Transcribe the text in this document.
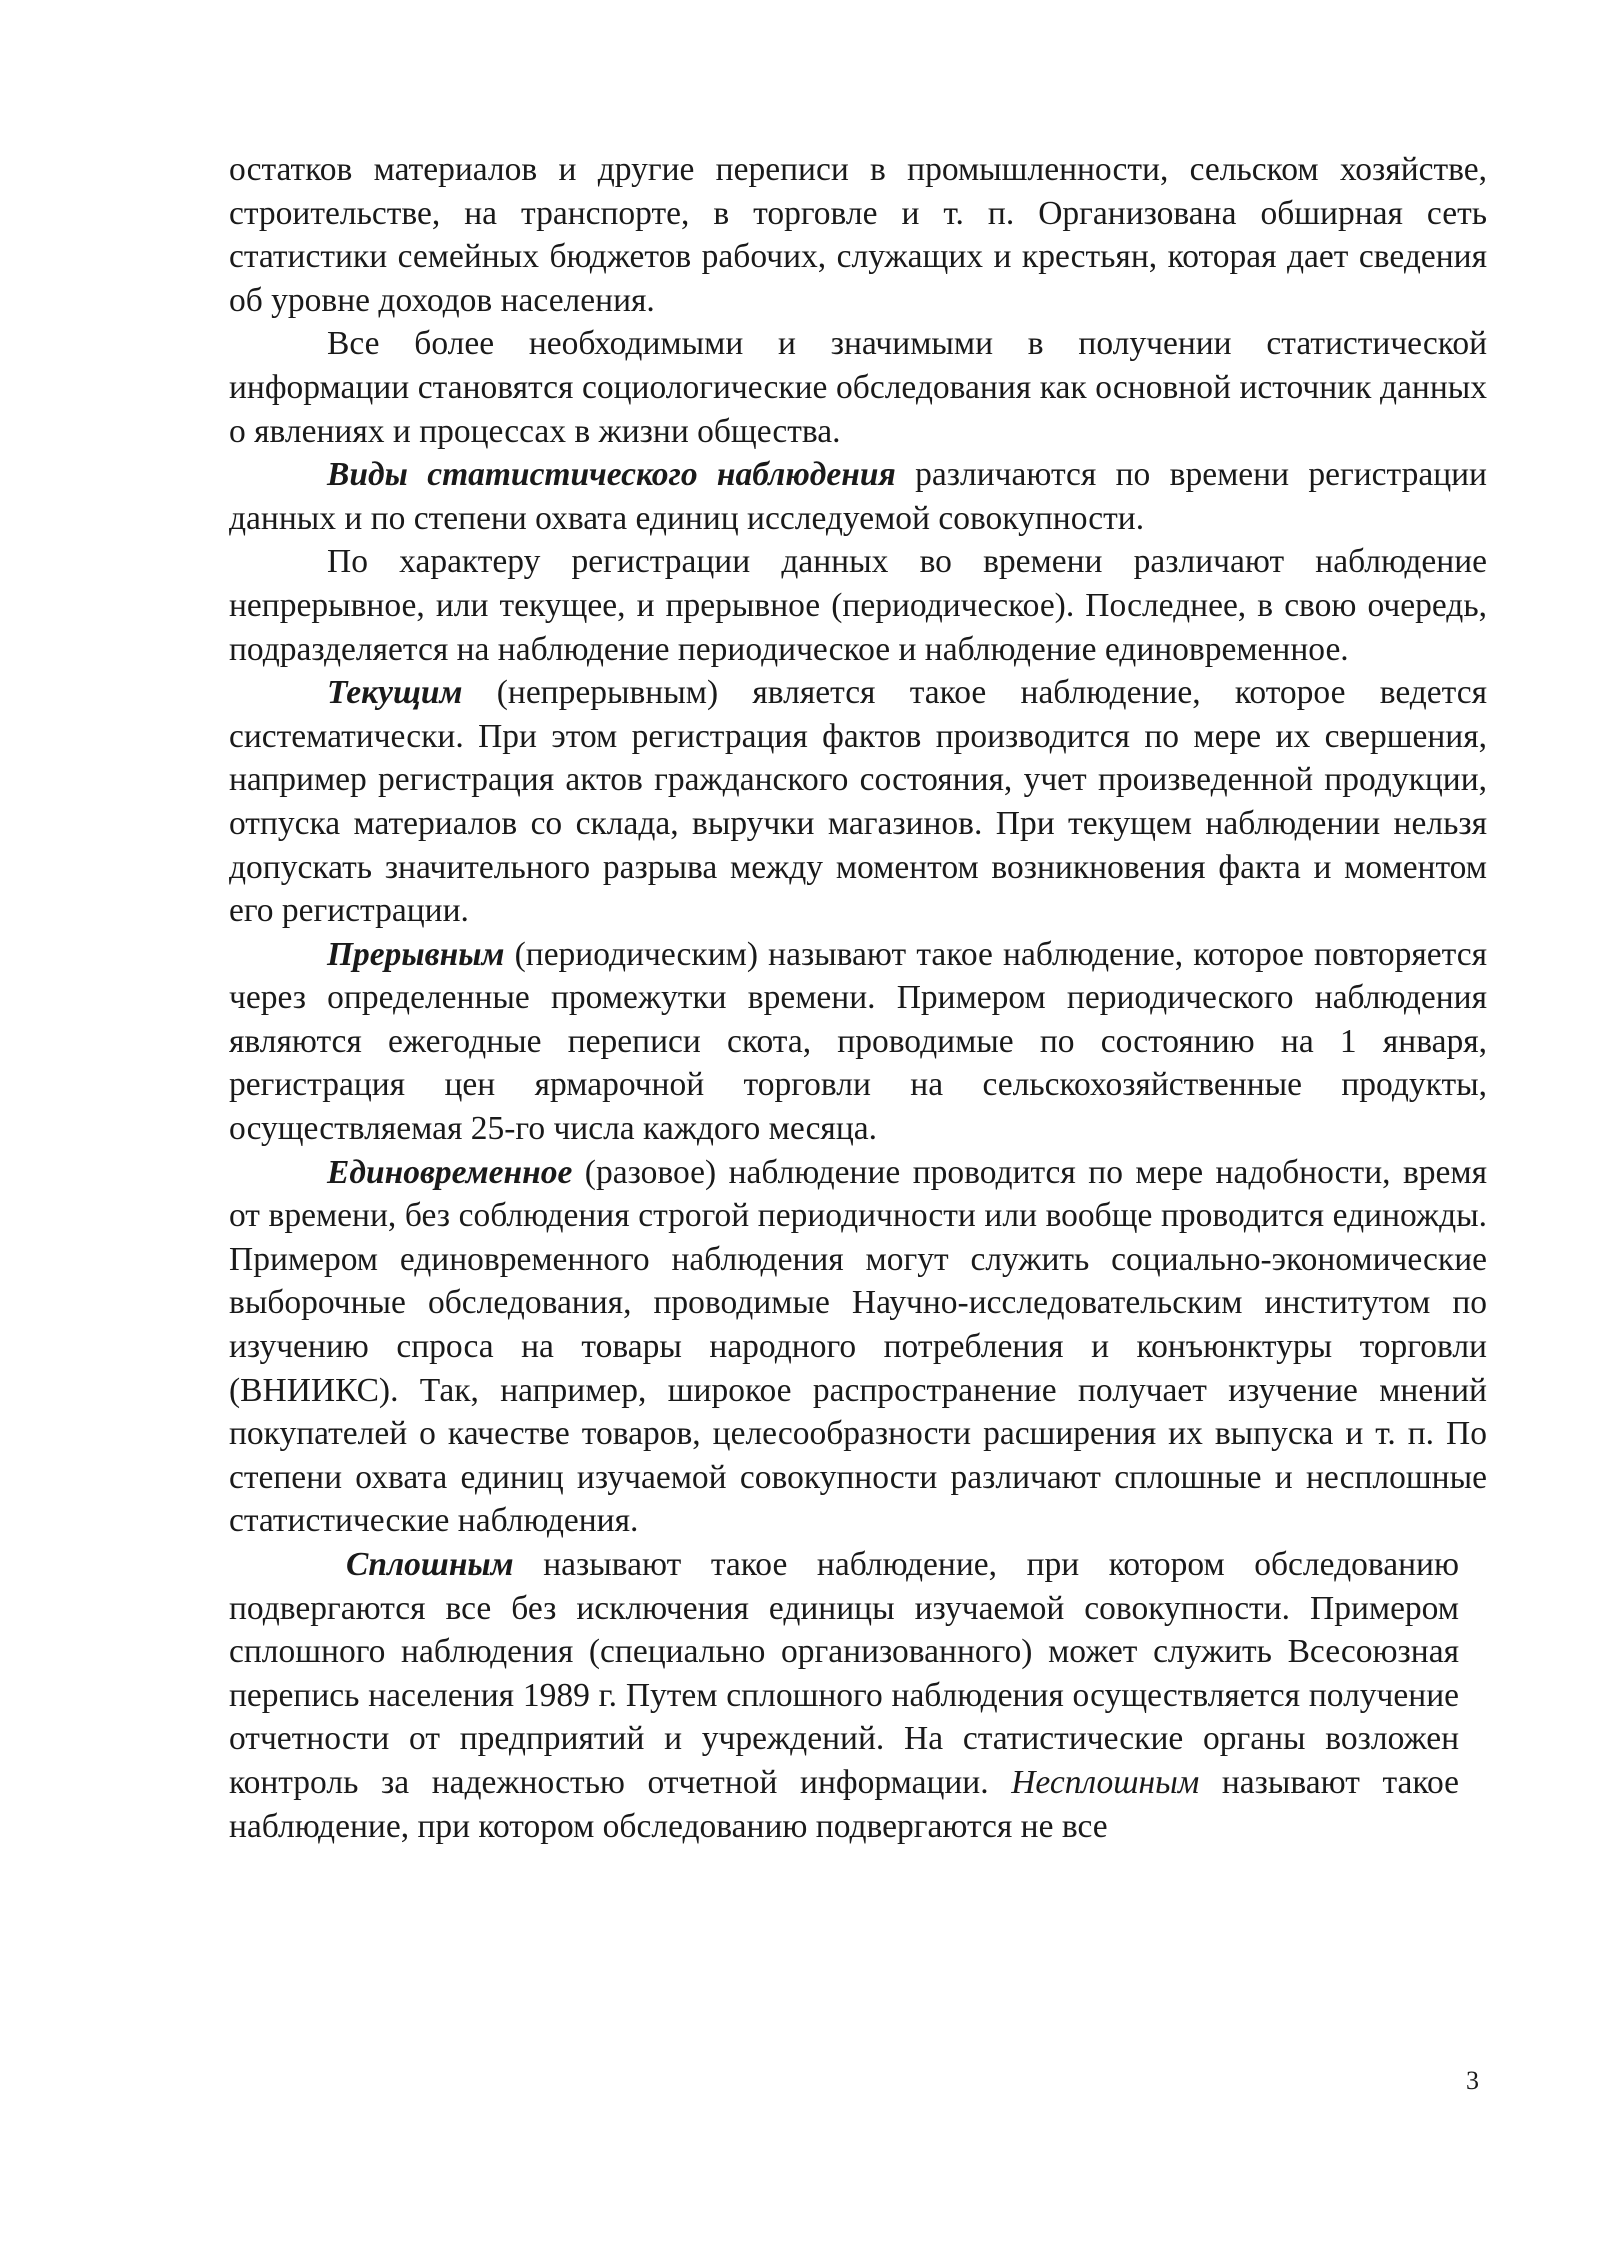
остатков материалов и другие переписи в промышленности, сельском хозяйстве, строительстве, на транспорте, в торговле и т. п. Организована обширная сеть статистики семейных бюджетов рабочих, служащих и крестьян, которая дает сведения об уровне доходов населения.

Все более необходимыми и значимыми в получении статистической информации становятся социологические обследования как основной источник данных о явлениях и процессах в жизни общества.

Виды статистического наблюдения различаются по времени регистрации данных и по степени охвата единиц исследуемой совокупности.

По характеру регистрации данных во времени различают наблюдение непрерывное, или текущее, и прерывное (периодическое). Последнее, в свою очередь, подразделяется на наблюдение периодическое и наблюдение единовременное.

Текущим (непрерывным) является такое наблюдение, которое ведется систематически. При этом регистрация фактов производится по мере их свершения, например регистрация актов гражданского состояния, учет произведенной продукции, отпуска материалов со склада, выручки магазинов. При текущем наблюдении нельзя допускать значительного разрыва между моментом возникновения факта и моментом его регистрации.

Прерывным (периодическим) называют такое наблюдение, которое повторяется через определенные промежутки времени. Примером периодического наблюдения являются ежегодные переписи скота, проводимые по состоянию на 1 января, регистрация цен ярмарочной торговли на сельскохозяйственные продукты, осуществляемая 25-го числа каждого месяца.

Единовременное (разовое) наблюдение проводится по мере надобности, время от времени, без соблюдения строгой периодичности или вообще проводится единожды. Примером единовременного наблюдения могут служить социально-экономические выборочные обследования, проводимые Научно-исследовательским институтом по изучению спроса на товары народного потребления и конъюнктуры торговли (ВНИИКС). Так, например, широкое распространение получает изучение мнений покупателей о качестве товаров, целесообразности расширения их выпуска и т. п. По степени охвата единиц изучаемой совокупности различают сплошные и несплошные статистические наблюдения.

Сплошным называют такое наблюдение, при котором обследованию подвергаются все без исключения единицы изучаемой совокупности. Примером сплошного наблюдения (специально организованного) может служить Всесоюзная перепись населения 1989 г. Путем сплошного наблюдения осуществляется получение отчетности от предприятий и учреждений. На статистические органы возложен контроль за надежностью отчетной информации. Несплошным называют такое наблюдение, при котором обследованию подвергаются не все

3
